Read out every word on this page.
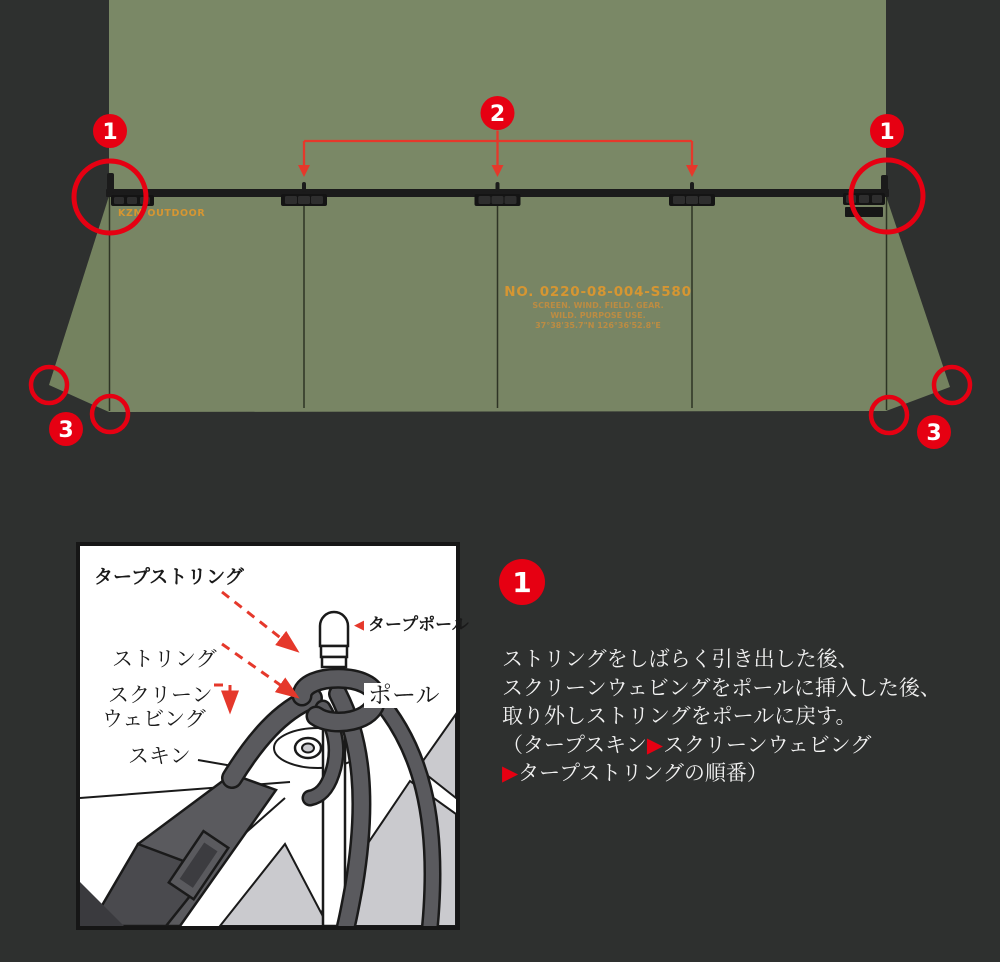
KZM OUTDOOR
NO. 0220-08-004-S580
SCREEN. WIND. FIELD. GEAR.
WILD. PURPOSE USE.
37°38'35.7"N 126°36'52.8"E
1
2
1
3	3
タープストリング
ストリング
スクリーン
ウェビング
スキン
◀ タープポール
ポール
1
ストリングをしばらく引き出した後、
スクリーンウェビングをポールに挿入した後、
取り外しストリングをポールに戻す。
（タープスキン▶スクリーンウェビング
▶タープストリングの順番）
